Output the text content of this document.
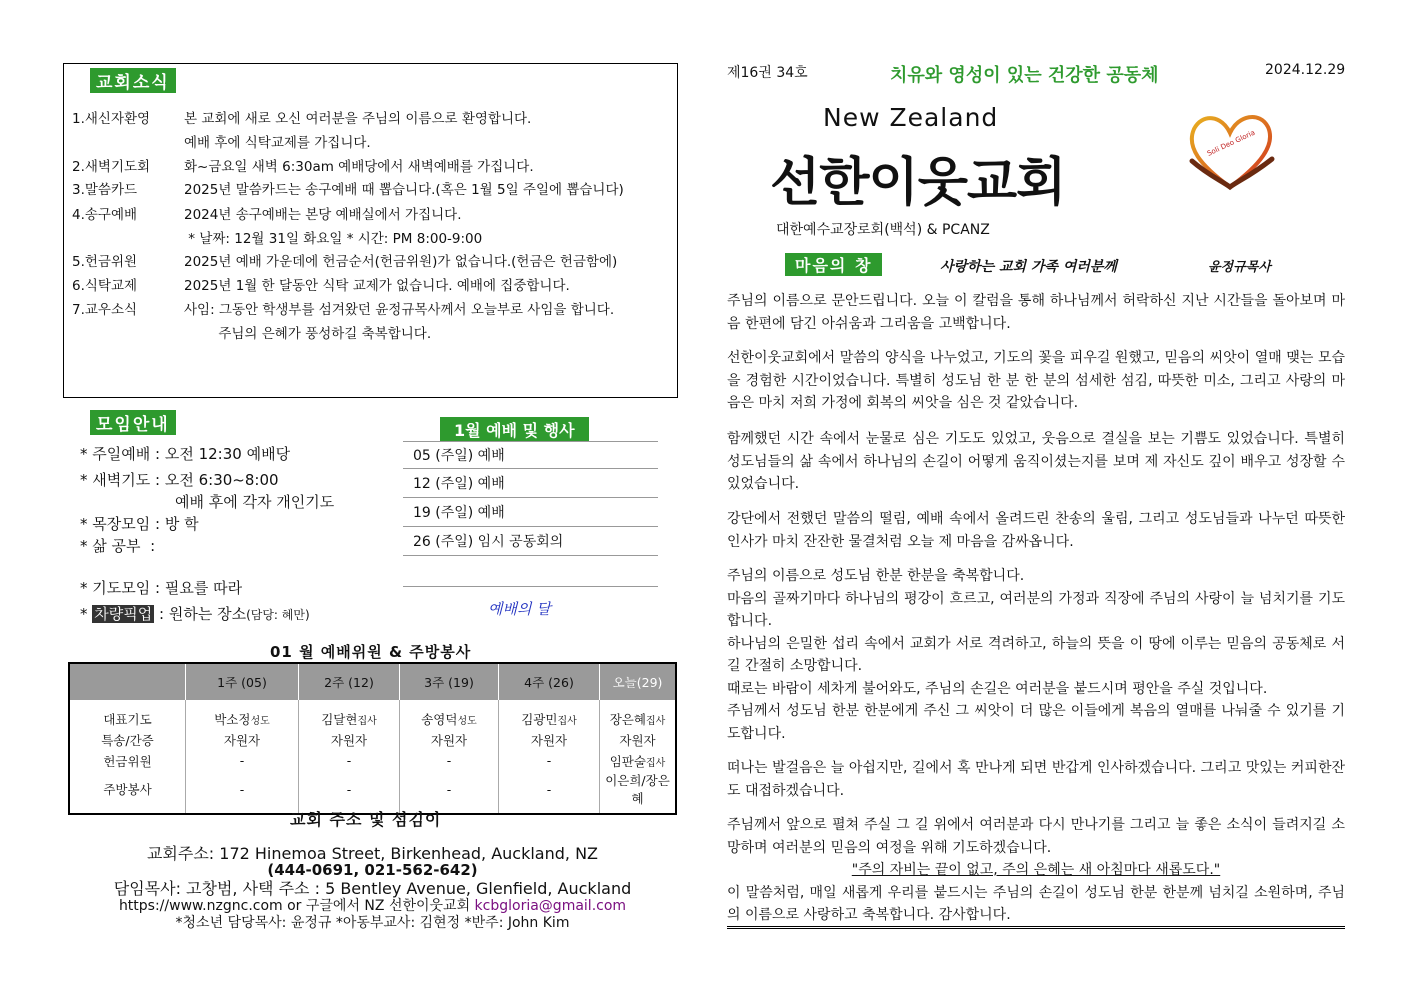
교회소식
1.새신자환영	본 교회에 새로 오신 여러분을 주님의 이름으로 환영합니다.
예배 후에 식탁교제를 가집니다.
2.새벽기도회	화~금요일 새벽 6:30am 예배당에서 새벽예배를 가집니다.
3.말씀카드	2025년 말씀카드는 송구예배 때 뽑습니다.(혹은 1월 5일 주일에 뽑습니다)
4.송구예배	2024년 송구예배는 본당 예배실에서 가집니다.
* 날짜: 12월 31일 화요일 * 시간: PM 8:00-9:00
5.헌금위원	2025년 예배 가운데에 헌금순서(헌금위원)가 없습니다.(헌금은 헌금함에)
6.식탁교제	2025년 1월 한 달동안 식탁 교제가 없습니다. 예배에 집중합니다.
7.교우소식	사임: 그동안 학생부를 섬겨왔던 윤정규목사께서 오늘부로 사임을 합니다.
주님의 은혜가 풍성하길 축복합니다.
모임안내
* 주일예배 : 오전 12:30 예배당
* 새벽기도 : 오전 6:30~8:00
예배 후에 각자 개인기도
* 목장모임 : 방 학
* 삶 공부  :
* 기도모임 : 필요를 따라
* 차량픽업 : 원하는 장소(담당: 혜만)
1월 예배 및 행사
05 (주일) 예배
12 (주일) 예배
19 (주일) 예배
26 (주일) 임시 공동회의
예배의 달
01 월 예배위원 & 주방봉사
	1주 (05)	2주 (12)	3주 (19)	4주 (26)	오늘(29)
대표기도	박소정성도	김달현집사	송영덕성도	김광민집사	장은혜집사
특송/간증	자원자	자원자	자원자	자원자	자원자
헌금위원	-	-	-	-	임판술집사
주방봉사	-	-	-	-	이은희/장은혜
교회 주소 및 섬김이
교회주소: 172 Hinemoa Street, Birkenhead, Auckland, NZ
(444-0691, 021-562-642)
담임목사: 고창범, 사택 주소 : 5 Bentley Avenue, Glenfield, Auckland
https://www.nzgnc.com or 구글에서 NZ 선한이웃교회 kcbgloria@gmail.com
*청소년 담당목사: 윤정규 *아동부교사: 김현정 *반주: John Kim
제16권 34호	치유와 영성이 있는 건강한 공동체	2024.12.29
New Zealand
선한이웃교회
대한예수교장로회(백석) & PCANZ
Soli Deo Gloria
마음의 창	사랑하는 교회 가족 여러분께	윤정규목사

주님의 이름으로 문안드립니다. 오늘 이 칼럼을 통해 하나님께서 허락하신 지난 시간들을 돌아보며 마음 한편에 담긴 아쉬움과 그리움을 고백합니다.

선한이웃교회에서 말씀의 양식을 나누었고, 기도의 꽃을 피우길 원했고, 믿음의 씨앗이 열매 맺는 모습을 경험한 시간이었습니다. 특별히 성도님 한 분 한 분의 섬세한 섬김, 따뜻한 미소, 그리고 사랑의 마음은 마치 저희 가정에 회복의 씨앗을 심은 것 같았습니다.

함께했던 시간 속에서 눈물로 심은 기도도 있었고, 웃음으로 결실을 보는 기쁨도 있었습니다. 특별히 성도님들의 삶 속에서 하나님의 손길이 어떻게 움직이셨는지를 보며 제 자신도 깊이 배우고 성장할 수 있었습니다.

강단에서 전했던 말씀의 떨림, 예배 속에서 올려드린 찬송의 울림, 그리고 성도님들과 나누던 따뜻한 인사가 마치 잔잔한 물결처럼 오늘 제 마음을 감싸옵니다.

주님의 이름으로 성도님 한분 한분을 축복합니다.

마음의 골짜기마다 하나님의 평강이 흐르고, 여러분의 가정과 직장에 주님의 사랑이 늘 넘치기를 기도합니다.

하나님의 은밀한 섭리 속에서 교회가 서로 격려하고, 하늘의 뜻을 이 땅에 이루는 믿음의 공동체로 서길 간절히 소망합니다.

때로는 바람이 세차게 불어와도, 주님의 손길은 여러분을 붙드시며 평안을 주실 것입니다.

주님께서 성도님 한분 한분에게 주신 그 씨앗이 더 많은 이들에게 복음의 열매를 나눠줄 수 있기를 기도합니다.

떠나는 발걸음은 늘 아쉽지만, 길에서 혹 만나게 되면 반갑게 인사하겠습니다. 그리고 맛있는 커피한잔도 대접하겠습니다.

주님께서 앞으로 펼쳐 주실 그 길 위에서 여러분과 다시 만나기를 그리고 늘 좋은 소식이 들려지길 소망하며 여러분의 믿음의 여정을 위해 기도하겠습니다.

"주의 자비는 끝이 없고, 주의 은혜는 새 아침마다 새롭도다."

이 말씀처럼, 매일 새롭게 우리를 붙드시는 주님의 손길이 성도님 한분 한분께 넘치길 소원하며, 주님의 이름으로 사랑하고 축복합니다. 감사합니다.
